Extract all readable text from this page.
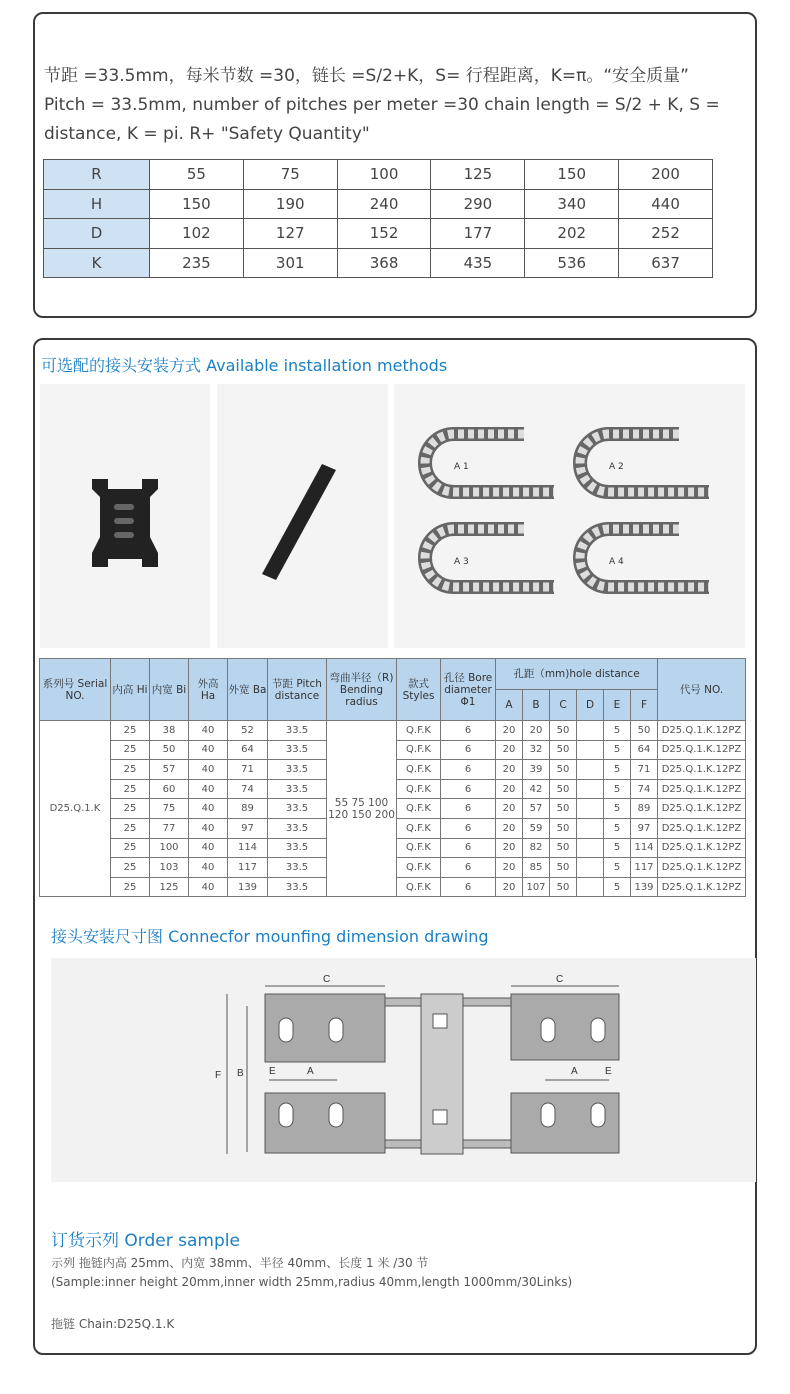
节距 =33.5mm，每米节数 =30，链长 =S/2+K，S= 行程距离，K=π。“安全质量”
Pitch = 33.5mm, number of pitches per meter =30 chain length = S/2 + K, S = distance, K = pi. R+ "Safety Quantity"
R	55	75	100	125	150	200
H	150	190	240	290	340	440
D	102	127	152	177	202	252
K	235	301	368	435	536	637
可选配的接头安装方式 Available installation methods
A 1	A 2
A 3	A 4
系列号 Serial NO.	内高 Hi	内宽 Bi	外高 Ha	外宽 Ba	节距 Pitch distance	弯曲半径（R) Bending radius	款式 Styles	孔径 Bore diameter Φ1	孔距（mm)hole distance						代号 NO.
									A	B	C	D	E	F	
D25.Q.1.K	25	38	40	52	33.5	55 75 100 120 150 200	Q.F.K	6	20	20	50		5	50	D25.Q.1.K.12PZ
	25	50	40	64	33.5		Q.F.K	6	20	32	50		5	64	D25.Q.1.K.12PZ
	25	57	40	71	33.5		Q.F.K	6	20	39	50		5	71	D25.Q.1.K.12PZ
	25	60	40	74	33.5		Q.F.K	6	20	42	50		5	74	D25.Q.1.K.12PZ
	25	75	40	89	33.5		Q.F.K	6	20	57	50		5	89	D25.Q.1.K.12PZ
	25	77	40	97	33.5		Q.F.K	6	20	59	50		5	97	D25.Q.1.K.12PZ
	25	100	40	114	33.5		Q.F.K	6	20	82	50		5	114	D25.Q.1.K.12PZ
	25	103	40	117	33.5		Q.F.K	6	20	85	50		5	117	D25.Q.1.K.12PZ
	25	125	40	139	33.5		Q.F.K	6	20	107	50		5	139	D25.Q.1.K.12PZ
接头安装尺寸图 Connecfor mounfing dimension drawing
C	C
A	A
E	E
B
F
订货示列 Order sample
示列 拖链内高 25mm、内宽 38mm、半径 40mm、长度 1 米 /30 节
(Sample:inner height 20mm,inner width 25mm,radius 40mm,length 1000mm/30Links)
拖链 Chain:D25Q.1.K
